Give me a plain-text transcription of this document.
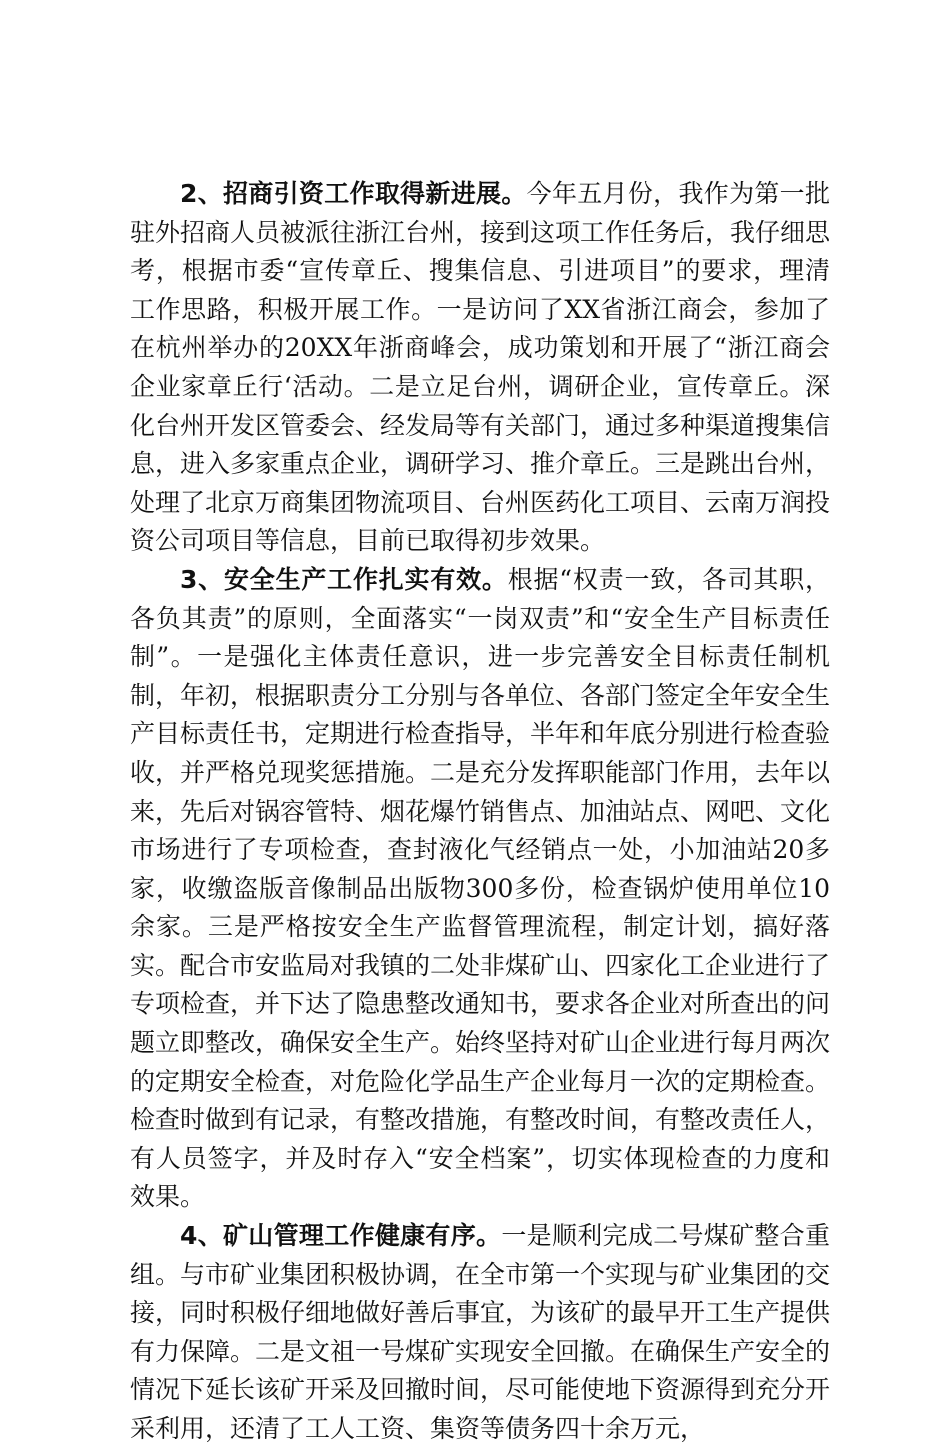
2、招商引资工作取得新进展。今年五月份，我作为第一批驻外招商人员被派往浙江台州，接到这项工作任务后，我仔细思考，根据市委“宣传章丘、搜集信息、引进项目”的要求，理清工作思路，积极开展工作。一是访问了XX省浙江商会，参加了在杭州举办的20XX年浙商峰会，成功策划和开展了“浙江商会企业家章丘行‘活动。二是立足台州，调研企业，宣传章丘。深化台州开发区管委会、经发局等有关部门，通过多种渠道搜集信息，进入多家重点企业，调研学习、推介章丘。三是跳出台州，处理了北京万商集团物流项目、台州医药化工项目、云南万润投资公司项目等信息，目前已取得初步效果。

3、安全生产工作扎实有效。根据“权责一致，各司其职，各负其责”的原则，全面落实“一岗双责”和“安全生产目标责任制”。一是强化主体责任意识，进一步完善安全目标责任制机制，年初，根据职责分工分别与各单位、各部门签定全年安全生产目标责任书，定期进行检查指导，半年和年底分别进行检查验收，并严格兑现奖惩措施。二是充分发挥职能部门作用，去年以来，先后对锅容管特、烟花爆竹销售点、加油站点、网吧、文化市场进行了专项检查，查封液化气经销点一处，小加油站20多家，收缴盗版音像制品出版物300多份，检查锅炉使用单位10余家。三是严格按安全生产监督管理流程，制定计划，搞好落实。配合市安监局对我镇的二处非煤矿山、四家化工企业进行了专项检查，并下达了隐患整改通知书，要求各企业对所查出的问题立即整改，确保安全生产。始终坚持对矿山企业进行每月两次的定期安全检查，对危险化学品生产企业每月一次的定期检查。检查时做到有记录，有整改措施，有整改时间，有整改责任人，有人员签字，并及时存入“安全档案”，切实体现检查的力度和效果。

4、矿山管理工作健康有序。一是顺利完成二号煤矿整合重组。与市矿业集团积极协调，在全市第一个实现与矿业集团的交接，同时积极仔细地做好善后事宜，为该矿的最早开工生产提供有力保障。二是文祖一号煤矿实现安全回撤。在确保生产安全的情况下延长该矿开采及回撤时间，尽可能使地下资源得到充分开采利用，还清了工人工资、集资等债务四十余万元，
